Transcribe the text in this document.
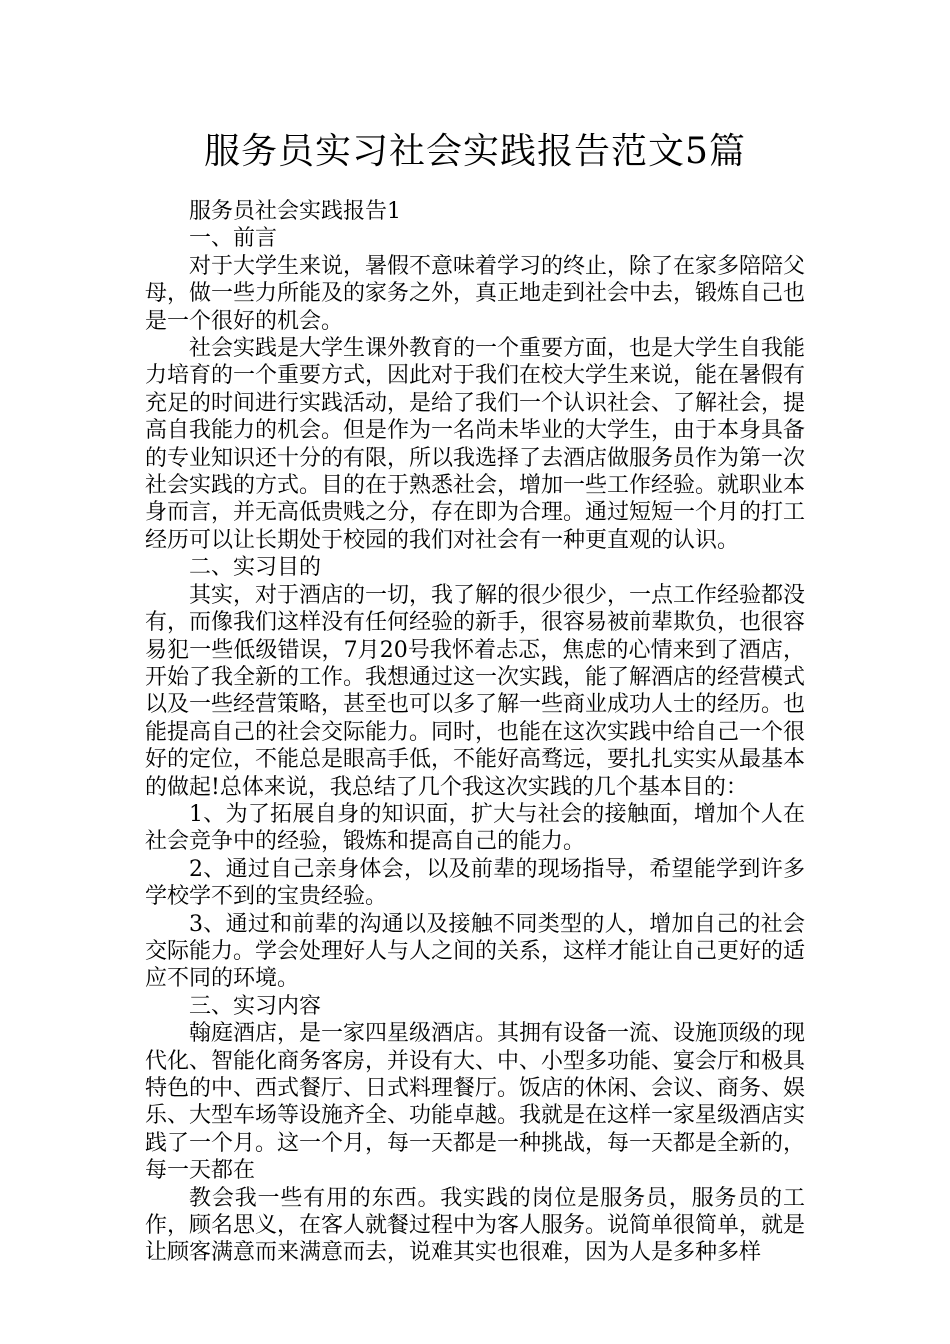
服务员实习社会实践报告范文5篇

服务员社会实践报告1

一、前言

对于大学生来说，暑假不意味着学习的终止，除了在家多陪陪父母，做一些力所能及的家务之外，真正地走到社会中去，锻炼自己也是一个很好的机会。

社会实践是大学生课外教育的一个重要方面，也是大学生自我能力培育的一个重要方式，因此对于我们在校大学生来说，能在暑假有充足的时间进行实践活动，是给了我们一个认识社会、了解社会，提高自我能力的机会。但是作为一名尚未毕业的大学生，由于本身具备的专业知识还十分的有限，所以我选择了去酒店做服务员作为第一次社会实践的方式。目的在于熟悉社会，增加一些工作经验。就职业本身而言，并无高低贵贱之分，存在即为合理。通过短短一个月的打工经历可以让长期处于校园的我们对社会有一种更直观的认识。

二、实习目的

其实，对于酒店的一切，我了解的很少很少，一点工作经验都没有，而像我们这样没有任何经验的新手，很容易被前辈欺负，也很容易犯一些低级错误，7月20号我怀着忐忑，焦虑的心情来到了酒店，开始了我全新的工作。我想通过这一次实践，能了解酒店的经营模式以及一些经营策略，甚至也可以多了解一些商业成功人士的经历。也能提高自己的社会交际能力。同时，也能在这次实践中给自己一个很好的定位，不能总是眼高手低，不能好高骛远，要扎扎实实从最基本的做起!总体来说，我总结了几个我这次实践的几个基本目的：

1、为了拓展自身的知识面，扩大与社会的接触面，增加个人在社会竞争中的经验，锻炼和提高自己的能力。

2、通过自己亲身体会，以及前辈的现场指导，希望能学到许多学校学不到的宝贵经验。

3、通过和前辈的沟通以及接触不同类型的人，增加自己的社会交际能力。学会处理好人与人之间的关系，这样才能让自己更好的适应不同的环境。

三、实习内容

翰庭酒店，是一家四星级酒店。其拥有设备一流、设施顶级的现代化、智能化商务客房，并设有大、中、小型多功能、宴会厅和极具特色的中、西式餐厅、日式料理餐厅。饭店的休闲、会议、商务、娱乐、大型车场等设施齐全、功能卓越。我就是在这样一家星级酒店实践了一个月。这一个月，每一天都是一种挑战，每一天都是全新的，每一天都在

教会我一些有用的东西。我实践的岗位是服务员，服务员的工作，顾名思义，在客人就餐过程中为客人服务。说简单很简单，就是让顾客满意而来满意而去，说难其实也很难，因为人是多种多样
